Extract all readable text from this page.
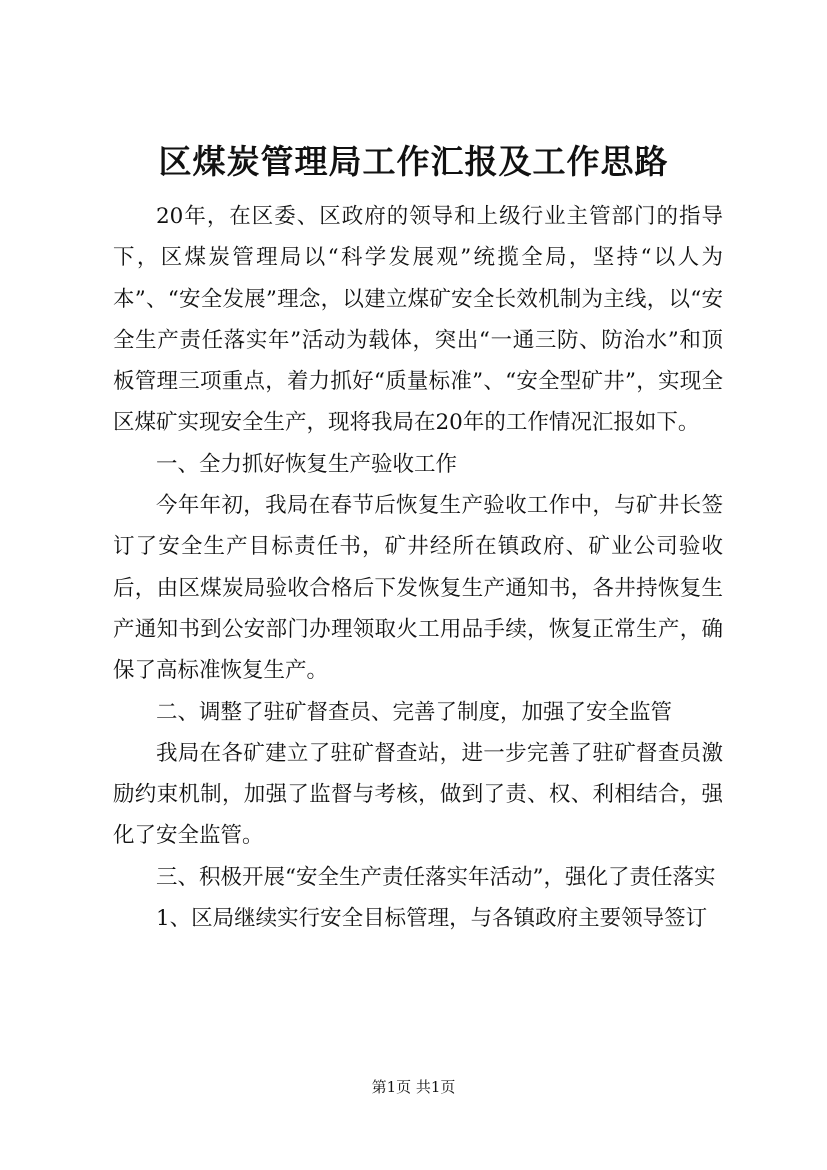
区煤炭管理局工作汇报及工作思路

20年，在区委、区政府的领导和上级行业主管部门的指导下，区煤炭管理局以“科学发展观”统揽全局，坚持“以人为本”、“安全发展”理念，以建立煤矿安全长效机制为主线，以“安全生产责任落实年”活动为载体，突出“一通三防、防治水”和顶板管理三项重点，着力抓好“质量标准”、“安全型矿井”，实现全区煤矿实现安全生产，现将我局在20年的工作情况汇报如下。

一、全力抓好恢复生产验收工作

今年年初，我局在春节后恢复生产验收工作中，与矿井长签订了安全生产目标责任书，矿井经所在镇政府、矿业公司验收后，由区煤炭局验收合格后下发恢复生产通知书，各井持恢复生产通知书到公安部门办理领取火工用品手续，恢复正常生产，确保了高标准恢复生产。

二、调整了驻矿督查员、完善了制度，加强了安全监管

我局在各矿建立了驻矿督查站，进一步完善了驻矿督查员激励约束机制，加强了监督与考核，做到了责、权、利相结合，强化了安全监管。

三、积极开展“安全生产责任落实年活动”，强化了责任落实

1、区局继续实行安全目标管理，与各镇政府主要领导签订

第1页 共1页
